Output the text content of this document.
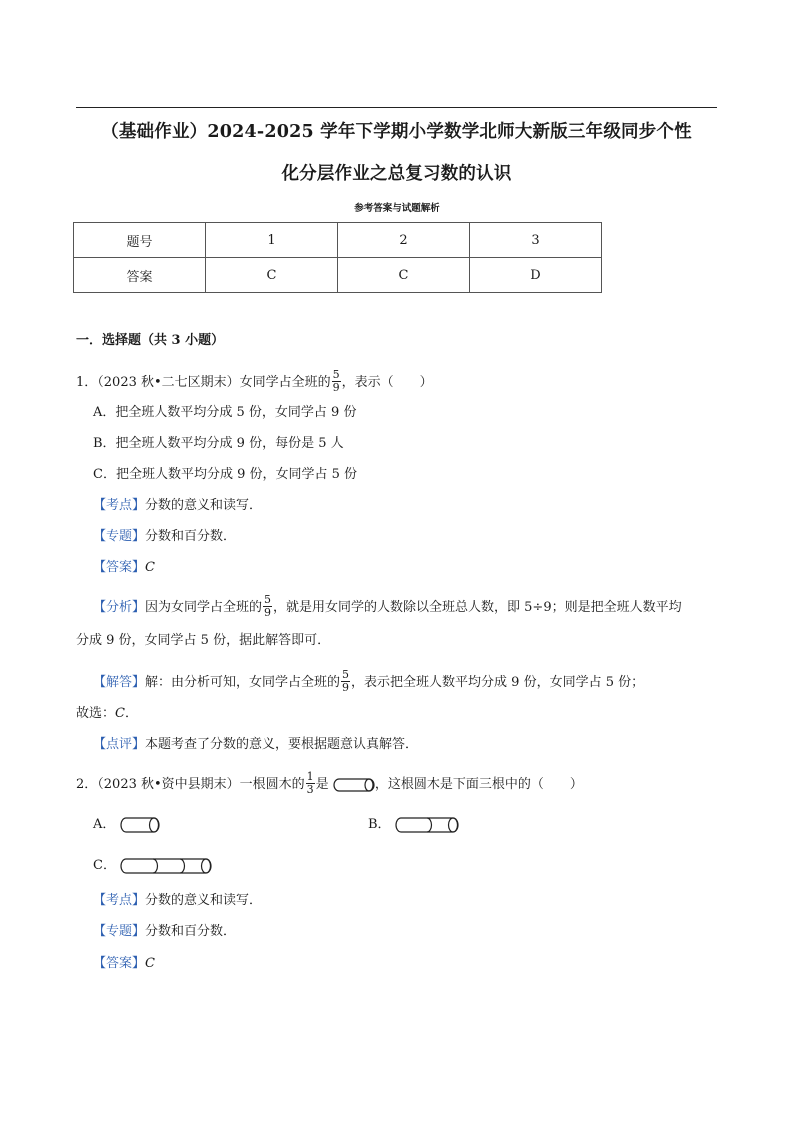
（基础作业）2024-2025 学年下学期小学数学北师大新版三年级同步个性
化分层作业之总复习数的认识
参考答案与试题解析
题号	1	2	3
答案	C	C	D
一．选择题（共 3 小题）
1．（2023 秋•二七区期末）女同学占全班的 $\frac{5}{9}$ ，表示（　　）
A．把全班人数平均分成 5 份，女同学占 9 份
B．把全班人数平均分成 9 份，每份是 5 人
C．把全班人数平均分成 9 份，女同学占 5 份
【考点】分数的意义和读写．
【专题】分数和百分数．
【答案】C
【分析】因为女同学占全班的 $\frac{5}{9}$ ，就是用女同学的人数除以全班总人数，即 5÷9；则是把全班人数平均
分成 9 份，女同学占 5 份，据此解答即可．
【解答】解：由分析可知，女同学占全班的 $\frac{5}{9}$ ，表示把全班人数平均分成 9 份，女同学占 5 份；
故选：C．
【点评】本题考查了分数的意义，要根据题意认真解答．
2．（2023 秋•资中县期末）一根圆木的 $\frac{1}{3}$ 是	，这根圆木是下面三根中的（　　）
A．	B．
C．
【考点】分数的意义和读写．
【专题】分数和百分数．
【答案】C
